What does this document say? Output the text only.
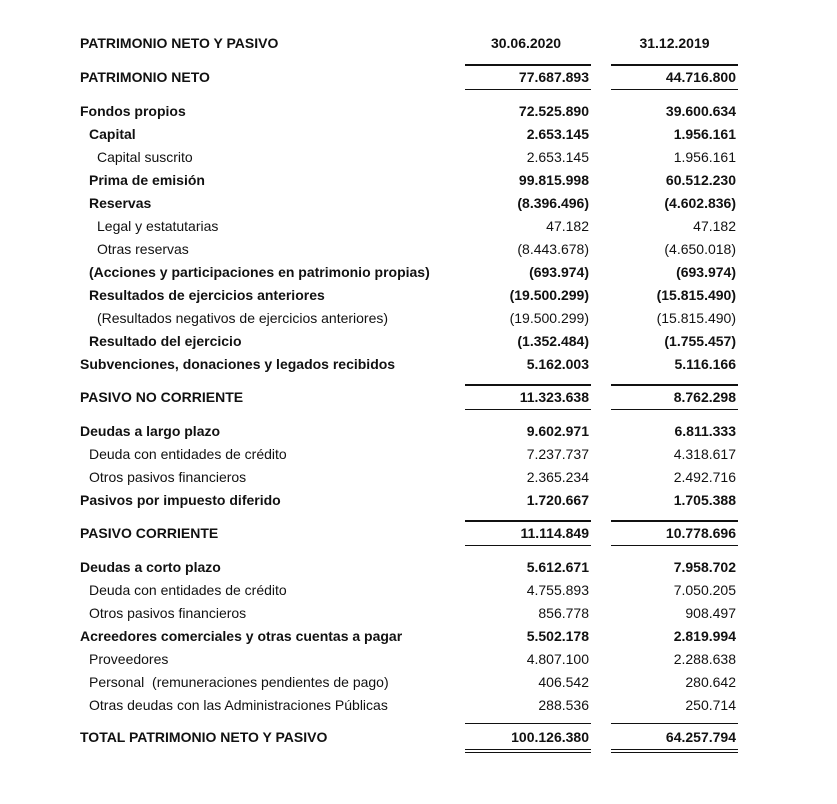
PATRIMONIO NETO Y PASIVO	30.06.2020	31.12.2019
PATRIMONIO NETO	77.687.893	44.716.800
Fondos propios	72.525.890	39.600.634
Capital	2.653.145	1.956.161
Capital suscrito	2.653.145	1.956.161
Prima de emisión	99.815.998	60.512.230
Reservas	(8.396.496)	(4.602.836)
Legal y estatutarias	47.182	47.182
Otras reservas	(8.443.678)	(4.650.018)
(Acciones y participaciones en patrimonio propias)	(693.974)	(693.974)
Resultados de ejercicios anteriores	(19.500.299)	(15.815.490)
(Resultados negativos de ejercicios anteriores)	(19.500.299)	(15.815.490)
Resultado del ejercicio	(1.352.484)	(1.755.457)
Subvenciones, donaciones y legados recibidos	5.162.003	5.116.166
PASIVO NO CORRIENTE	11.323.638	8.762.298
Deudas a largo plazo	9.602.971	6.811.333
Deuda con entidades de crédito	7.237.737	4.318.617
Otros pasivos financieros	2.365.234	2.492.716
Pasivos por impuesto diferido	1.720.667	1.705.388
PASIVO CORRIENTE	11.114.849	10.778.696
Deudas a corto plazo	5.612.671	7.958.702
Deuda con entidades de crédito	4.755.893	7.050.205
Otros pasivos financieros	856.778	908.497
Acreedores comerciales y otras cuentas a pagar	5.502.178	2.819.994
Proveedores	4.807.100	2.288.638
Personal  (remuneraciones pendientes de pago)	406.542	280.642
Otras deudas con las Administraciones Públicas	288.536	250.714
TOTAL PATRIMONIO NETO Y PASIVO	100.126.380	64.257.794
